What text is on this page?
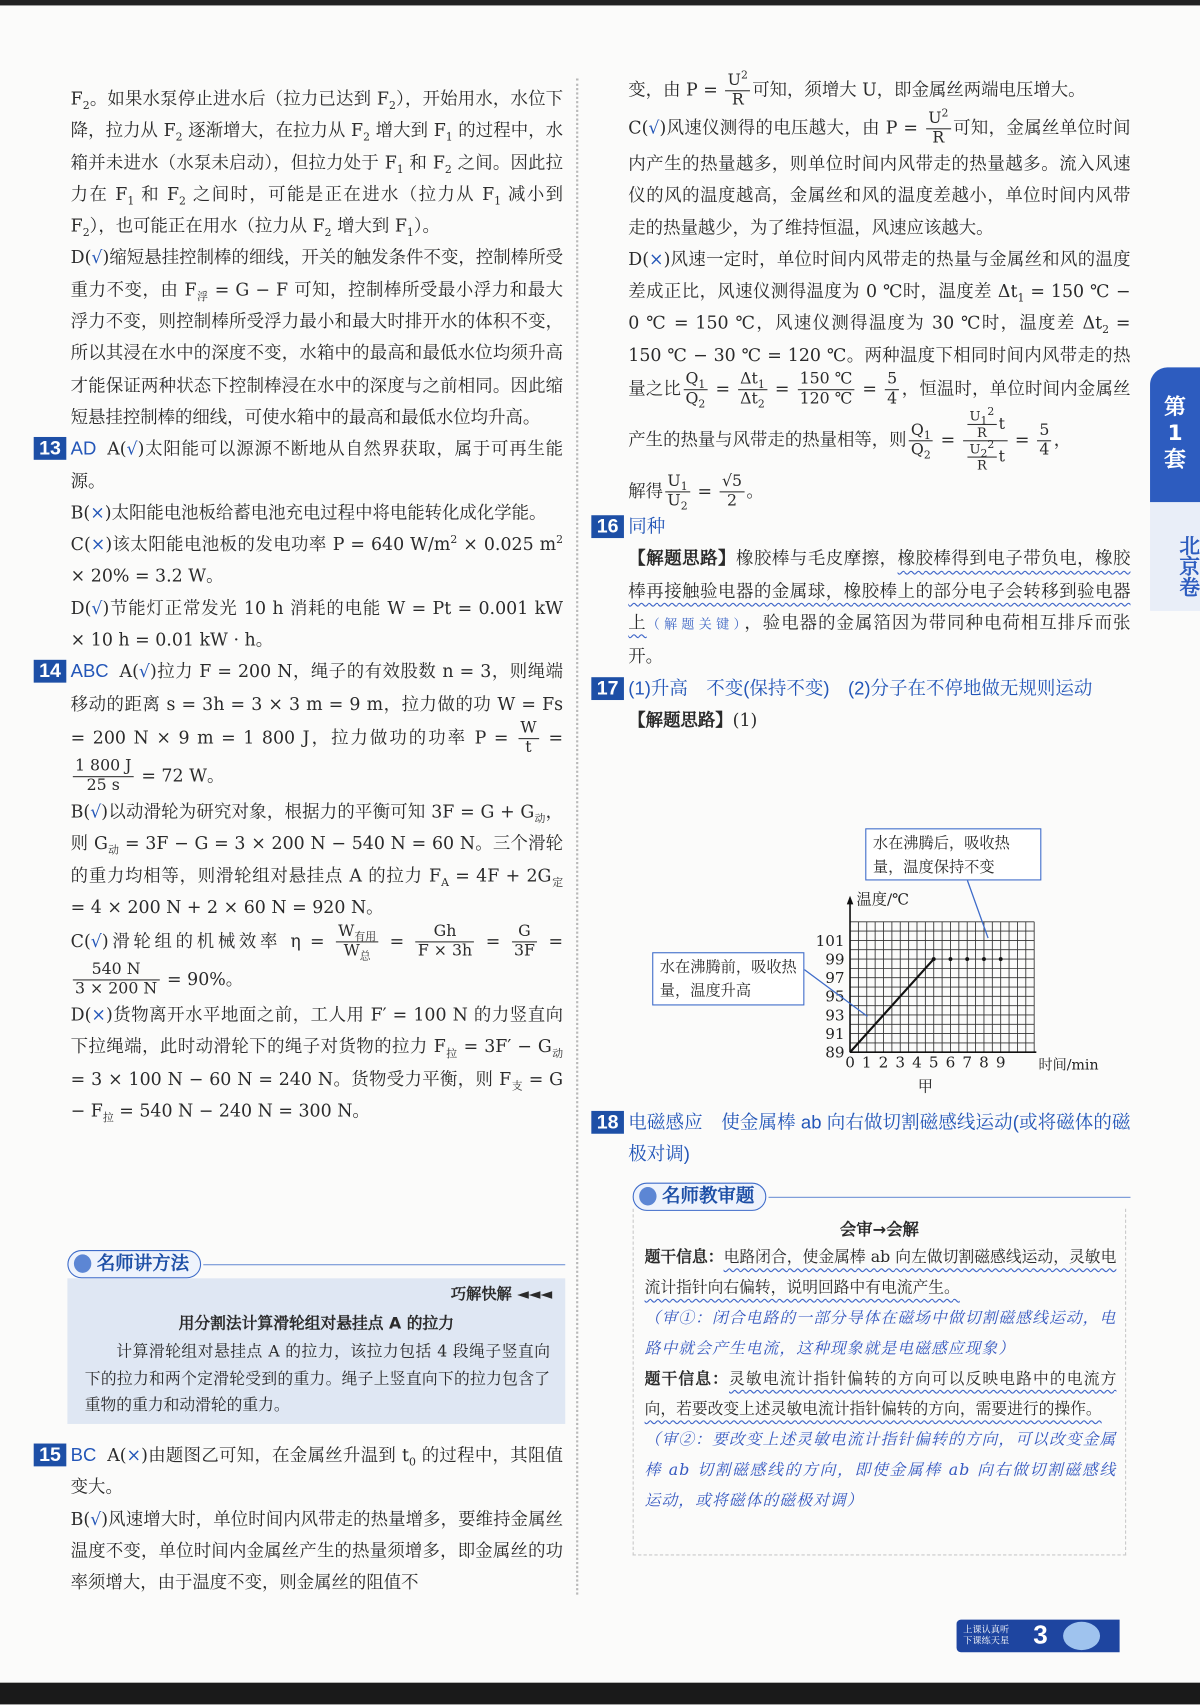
$F_2$。如果水泵停止进水后（拉力已达到 $F_2$），开始用水，水位下降，拉力从 $F_2$ 逐渐增大，在拉力从 $F_2$ 增大到 $F_1$ 的过程中，水箱并未进水（水泵未启动），但拉力处于 $F_1$ 和 $F_2$ 之间。因此拉力在 $F_1$ 和 $F_2$ 之间时，可能是正在进水（拉力从 $F_1$ 减小到 $F_2$），也可能正在用水（拉力从 $F_2$ 增大到 $F_1$）。
D(√)缩短悬挂控制棒的细线，开关的触发条件不变，控制棒所受重力不变，由 $F_浮 = G - F$ 可知，控制棒所受最小浮力和最大浮力不变，则控制棒所受浮力最小和最大时排开水的体积不变，所以其浸在水中的深度不变，水箱中的最高和最低水位均须升高才能保证两种状态下控制棒浸在水中的深度与之前相同。因此缩短悬挂控制棒的细线，可使水箱中的最高和最低水位均升高。
13 AD A(√)太阳能可以源源不断地从自然界获取，属于可再生能源。
B(×)太阳能电池板给蓄电池充电过程中将电能转化成化学能。
C(×)该太阳能电池板的发电功率 P = 640 $W/m^2 \times 0.025$ $m^2 \times 20\% = 3.2$ W。
D(√)节能灯正常发光 10 h 消耗的电能 W = Pt = 0.001 kW × 10 h = 0.01 kW · h。
14 ABC A(√)拉力 F = 200 N，绳子的有效股数 n = 3，则绳端移动的距离 s = 3h = 3 × 3 m = 9 m，拉力做的功 W = Fs = 200 N × 9 m = 1 800 J，拉力做功的功率 $P = \frac{W}{t}$ =
$\frac{1 800 J}{25 s} = 72$ W。
B(√)以动滑轮为研究对象，根据力的平衡可知 $3F = G + G_动$，则 $G_动 = 3F - G = 3 \times 200$ N − 540 N = 60 N。三个滑轮的重力均相等，则滑轮组对悬挂点 A 的拉力 $F_A = 4F + 2G_定 = 4 \times 200$ N + 2 × 60 N = 920 N。
C(√)滑轮组的机械效率 $\eta = \frac{W_{有用}}{W_总} = \frac{Gh}{F \times 3h} = \frac{G}{3F}$ =
$\frac{540 N}{3 \times 200 N} = 90\%$。
D(×)货物离开水平地面之前，工人用 F′ = 100 N 的力竖直向下拉绳端，此时动滑轮下的绳子对货物的拉力 $F_拉 = 3F' - G_动 = 3 \times 100$ N − 60 N = 240 N。货物受力平衡，则 $F_支 = G - F_拉 = 540$ N − 240 N = 300 N。
巧解快解 ◄◄◄
用分割法计算滑轮组对悬挂点 A 的拉力
计算滑轮组对悬挂点 A 的拉力，该拉力包括 4 段绳子竖直向下的拉力和两个定滑轮受到的重力。绳子上竖直向下的拉力包含了重物的重力和动滑轮的重力。
名师讲方法
15 BC A(×)由题图乙可知，在金属丝升温到 $t_0$ 的过程中，其阻值变大。
B(√)风速增大时，单位时间内风带走的热量增多，要维持金属丝温度不变，单位时间内金属丝产生的热量须增多，即金属丝的功率须增大，由于温度不变，则金属丝的阻值不
变，由 $P = \frac{U^2}{R}$ 可知，须增大 U，即金属丝两端电压增大。
C(√)风速仪测得的电压越大，由 $P = \frac{U^2}{R}$ 可知，金属丝单位时间内产生的热量越多，则单位时间内风带走的热量越多。流入风速仪的风的温度越高，金属丝和风的温度差越小，单位时间内风带走的热量越少，为了维持恒温，风速应该越大。
D(×)风速一定时，单位时间内风带走的热量与金属丝和风的温度差成正比，风速仪测得温度为 0 ℃时，温度差 $\Delta t_1 = 150$ ℃ − 0 ℃ = 150 ℃，风速仪测得温度为 30 ℃时，温度差 $\Delta t_2 = 150$ ℃ − 30 ℃ = 120 ℃。两种温度下相同时间内风带走的热量之比 $\frac{Q_1}{Q_2} = \frac{\Delta t_1}{\Delta t_2} = \frac{150 ℃}{120 ℃} = \frac{5}{4}$ ，恒温时，单位时间内金属丝产生的热量与风带走的热量相等，则 $\frac{Q_1}{Q_2} = \frac{\frac{U_1^2}{R} t}{\frac{U_2^2}{R} t} = \frac{5}{4}$ ，
解得 $\frac{U_1}{U_2} = \frac{√5}{2}$ 。
16 同种
【解题思路】橡胶棒与毛皮摩擦，橡胶棒得到电子带负电，橡胶棒再接触验电器的金属球，橡胶棒上的部分电子会转移到验电器上（解题关键），验电器的金属箔因为带同种电荷相互排斥而张开。
17 (1)升高　不变(保持不变)　(2)分子在不停地做无规则运动
【解题思路】(1)
0 1 2 3 4 5 6 7 8 9
89
91
93
95
97
99
101
温度/℃
时间/min
甲
水在沸腾后，吸收热量，温度保持不变
水在沸腾前，吸收热量，温度升高
18 电磁感应　使金属棒 ab 向右做切割磁感线运动(或将磁体的磁极对调)
会审→会解
题干信息：电路闭合，使金属棒 ab 向左做切割磁感线运动，灵敏电流计指针向右偏转，说明回路中有电流产生。
（审①：闭合电路的一部分导体在磁场中做切割磁感线运动，电路中就会产生电流，这种现象就是电磁感应现象）
题干信息：灵敏电流计指针偏转的方向可以反映电路中的电流方向，若要改变上述灵敏电流计指针偏转的方向，需要进行的操作。
（审②：要改变上述灵敏电流计指针偏转的方向，可以改变金属棒 ab 切割磁感线的方向，即使金属棒 ab 向右做切割磁感线运动，或将磁体的磁极对调）
名师教审题
第1套
北京卷
上课认真听
下课练天星 3
